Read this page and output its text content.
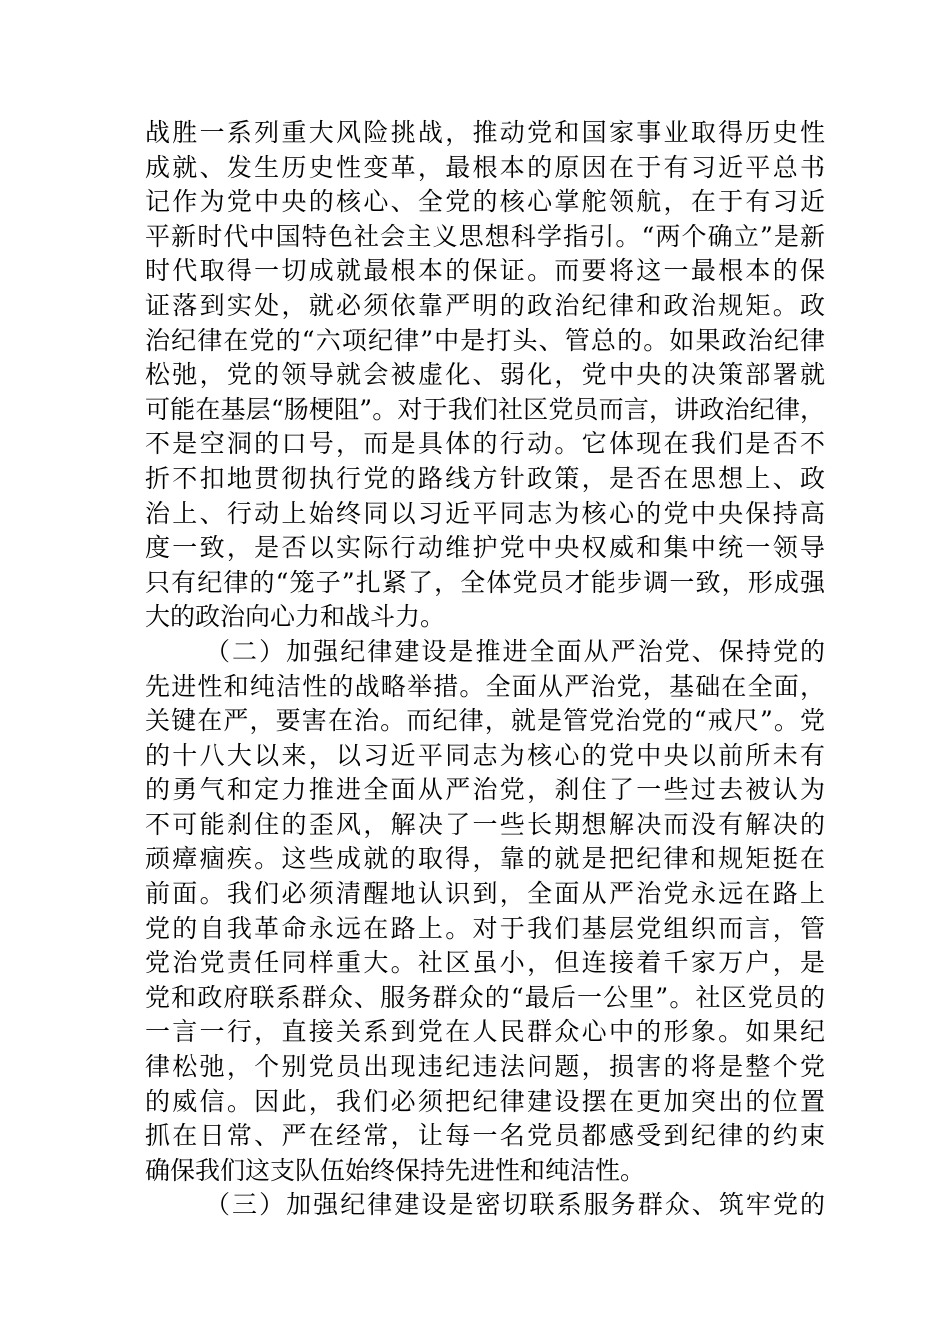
战胜一系列重大风险挑战，推动党和国家事业取得历史性
成就、发生历史性变革，最根本的原因在于有习近平总书
记作为党中央的核心、全党的核心掌舵领航，在于有习近
平新时代中国特色社会主义思想科学指引。“两个确立”是新
时代取得一切成就最根本的保证。而要将这一最根本的保
证落到实处，就必须依靠严明的政治纪律和政治规矩。政
治纪律在党的“六项纪律”中是打头、管总的。如果政治纪律
松弛，党的领导就会被虚化、弱化，党中央的决策部署就
可能在基层“肠梗阻”。对于我们社区党员而言，讲政治纪律，
不是空洞的口号，而是具体的行动。它体现在我们是否不
折不扣地贯彻执行党的路线方针政策，是否在思想上、政
治上、行动上始终同以习近平同志为核心的党中央保持高
度一致，是否以实际行动维护党中央权威和集中统一领导
只有纪律的“笼子”扎紧了，全体党员才能步调一致，形成强
大的政治向心力和战斗力。
（二）加强纪律建设是推进全面从严治党、保持党的
先进性和纯洁性的战略举措。全面从严治党，基础在全面，
关键在严，要害在治。而纪律，就是管党治党的“戒尺”。党
的十八大以来，以习近平同志为核心的党中央以前所未有
的勇气和定力推进全面从严治党，刹住了一些过去被认为
不可能刹住的歪风，解决了一些长期想解决而没有解决的
顽瘴痼疾。这些成就的取得，靠的就是把纪律和规矩挺在
前面。我们必须清醒地认识到，全面从严治党永远在路上
党的自我革命永远在路上。对于我们基层党组织而言，管
党治党责任同样重大。社区虽小，但连接着千家万户，是
党和政府联系群众、服务群众的“最后一公里”。社区党员的
一言一行，直接关系到党在人民群众心中的形象。如果纪
律松弛，个别党员出现违纪违法问题，损害的将是整个党
的威信。因此，我们必须把纪律建设摆在更加突出的位置
抓在日常、严在经常，让每一名党员都感受到纪律的约束
确保我们这支队伍始终保持先进性和纯洁性。
（三）加强纪律建设是密切联系服务群众、筑牢党的
